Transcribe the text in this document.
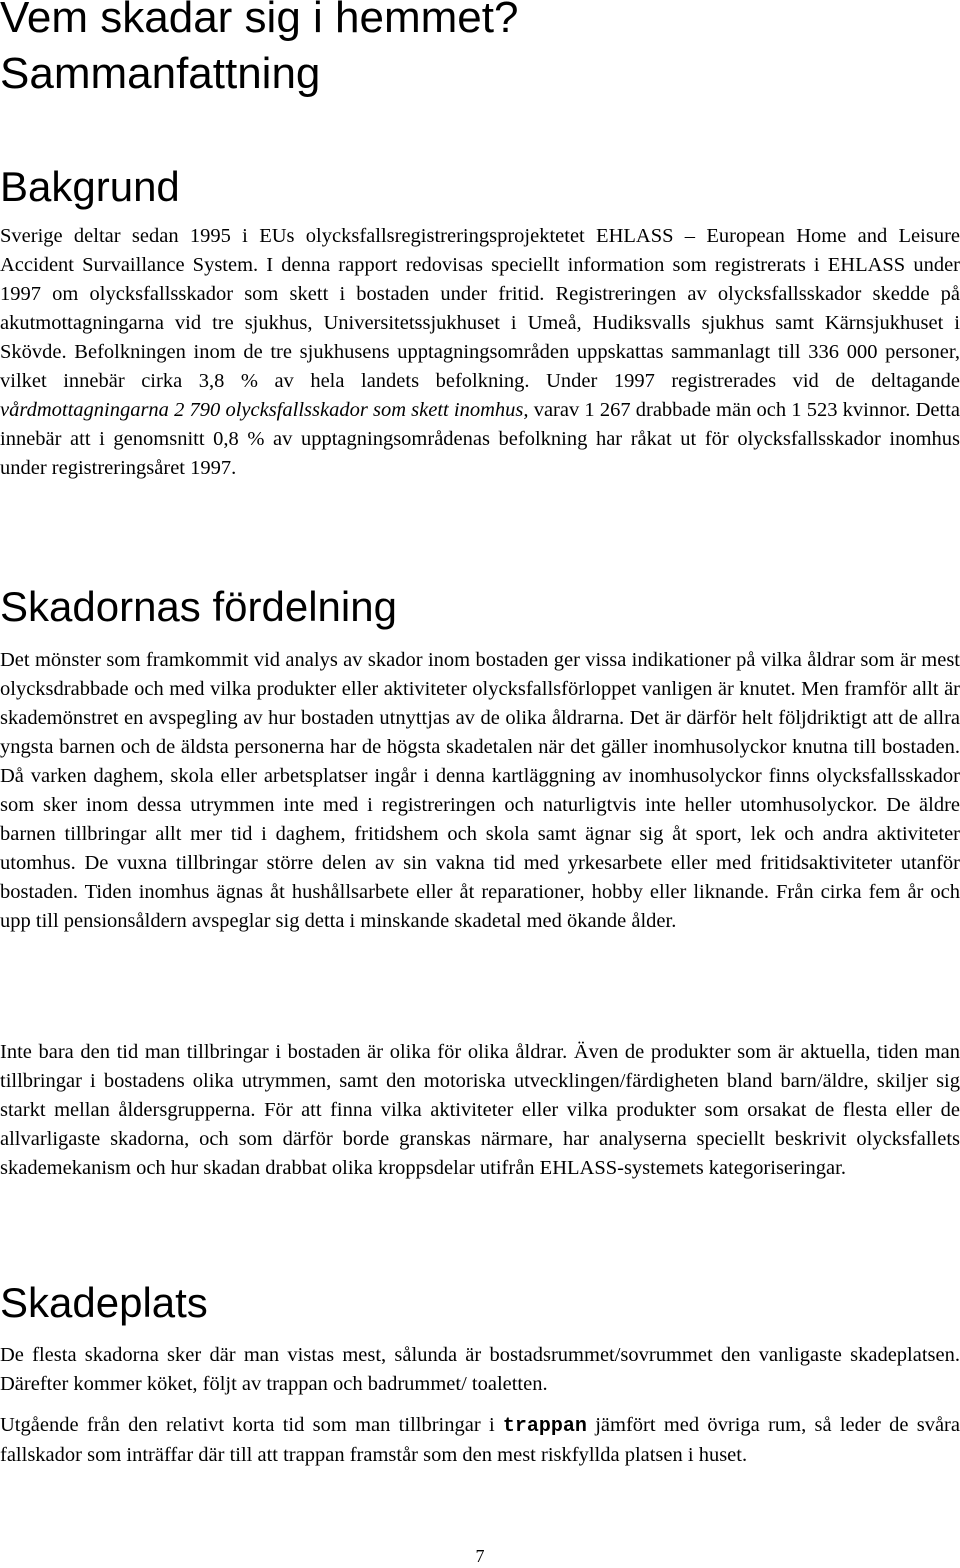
Vem skadar sig i hemmet?
Sammanfattning
Bakgrund

Sverige deltar sedan 1995 i EUs olycksfallsregistreringsprojektetet EHLASS – European Home and Leisure Accident Survaillance System. I denna rapport redovisas speciellt information som registrerats i EHLASS under 1997 om olycksfallsskador som skett i bostaden under fritid. Registreringen av olycksfallsskador skedde på akutmottagningarna vid tre sjukhus, Universitetssjukhuset i Umeå, Hudiksvalls sjukhus samt Kärnsjukhuset i Skövde. Befolkningen inom de tre sjukhusens upptagningsområden uppskattas sammanlagt till 336 000 personer, vilket innebär cirka 3,8 % av hela landets befolkning. Under 1997 registrerades vid de deltagande vårdmottagningarna 2 790 olycksfallsskador som skett inomhus, varav 1 267 drabbade män och 1 523 kvinnor. Detta innebär att i genomsnitt 0,8 % av upptagningsområdenas befolkning har råkat ut för olycksfallsskador inomhus under registreringsåret 1997.

Skadornas fördelning

Det mönster som framkommit vid analys av skador inom bostaden ger vissa indikationer på vilka åldrar som är mest olycksdrabbade och med vilka produkter eller aktiviteter olycksfallsförloppet vanligen är knutet. Men framför allt är skademönstret en avspegling av hur bostaden utnyttjas av de olika åldrarna. Det är därför helt följdriktigt att de allra yngsta barnen och de äldsta personerna har de högsta skadetalen när det gäller inomhusolyckor knutna till bostaden. Då varken daghem, skola eller arbetsplatser ingår i denna kartläggning av inomhusolyckor finns olycksfallsskador som sker inom dessa utrymmen inte med i registreringen och naturligtvis inte heller utomhusolyckor. De äldre barnen tillbringar allt mer tid i daghem, fritidshem och skola samt ägnar sig åt sport, lek och andra aktiviteter utomhus. De vuxna tillbringar större delen av sin vakna tid med yrkesarbete eller med fritidsaktiviteter utanför bostaden. Tiden inomhus ägnas åt hushållsarbete eller åt reparationer, hobby eller liknande. Från cirka fem år och upp till pensionsåldern avspeglar sig detta i minskande skadetal med ökande ålder.

Inte bara den tid man tillbringar i bostaden är olika för olika åldrar. Även de produkter som är aktuella, tiden man tillbringar i bostadens olika utrymmen, samt den motoriska utvecklingen/färdigheten bland barn/äldre, skiljer sig starkt mellan åldersgrupperna. För att finna vilka aktiviteter eller vilka produkter som orsakat de flesta eller de allvarligaste skadorna, och som därför borde granskas närmare, har analyserna speciellt beskrivit olycksfallets skademekanism och hur skadan drabbat olika kroppsdelar utifrån EHLASS-systemets kategoriseringar.

Skadeplats

De flesta skadorna sker där man vistas mest, sålunda är bostadsrummet/sovrummet den vanligaste skadeplatsen. Därefter kommer köket, följt av trappan och badrummet/ toaletten.

Utgående från den relativt korta tid som man tillbringar i trappan jämfört med övriga rum, så leder de svåra fallskador som inträffar där till att trappan framstår som den mest riskfyllda platsen i huset.

7
